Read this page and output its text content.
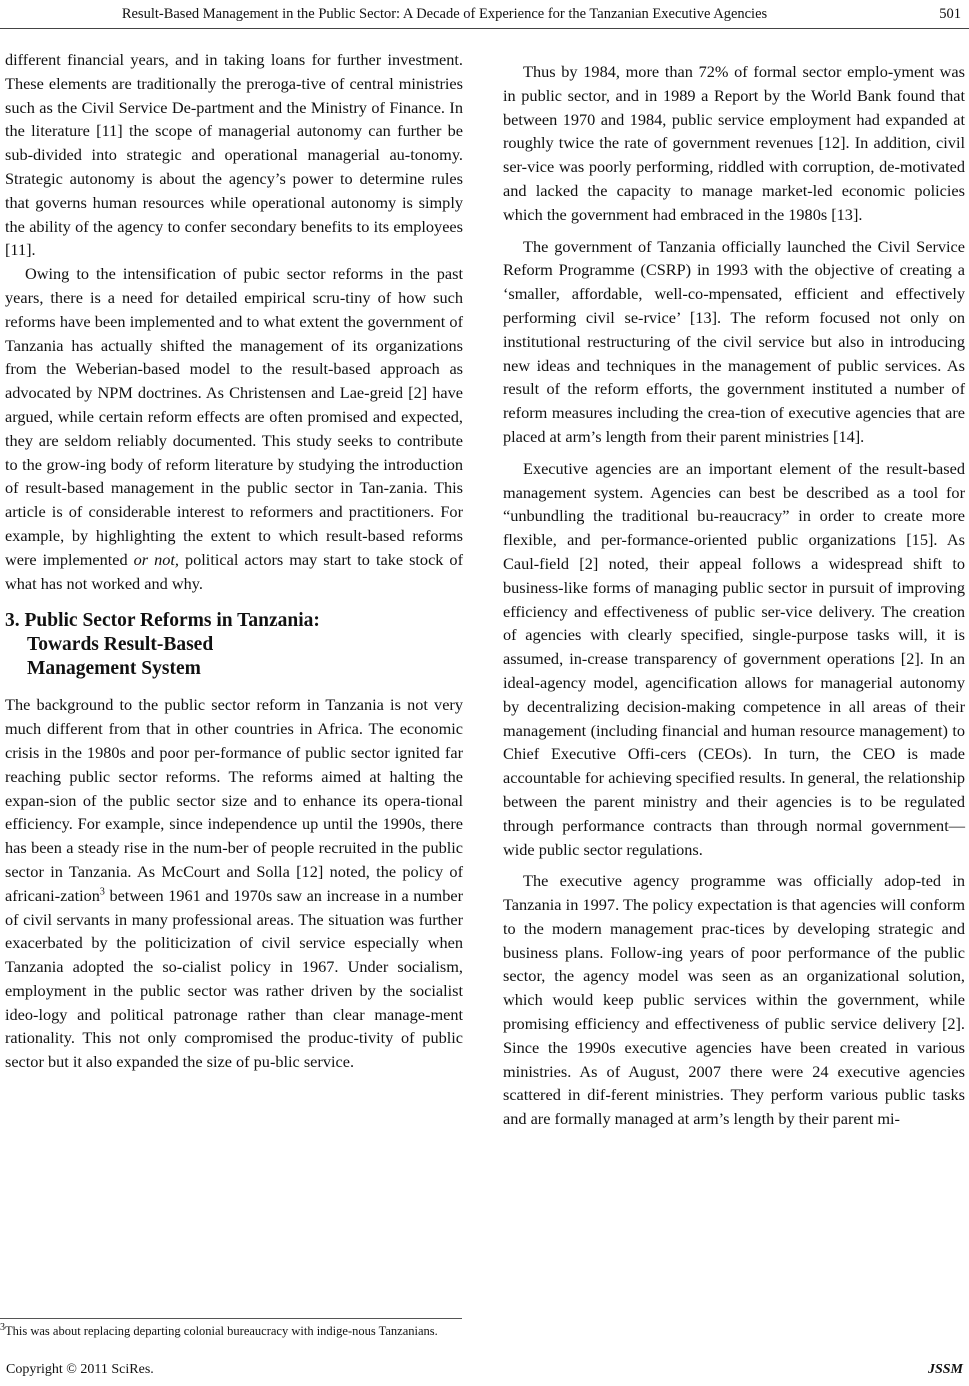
Result-Based Management in the Public Sector: A Decade of Experience for the Tanzanian Executive Agencies	501

different financial years, and in taking loans for further investment. These elements are traditionally the preroga-tive of central ministries such as the Civil Service De-partment and the Ministry of Finance. In the literature [11] the scope of managerial autonomy can further be sub-divided into strategic and operational managerial au-tonomy. Strategic autonomy is about the agency’s power to determine rules that governs human resources while operational autonomy is simply the ability of the agency to confer secondary benefits to its employees [11].

Owing to the intensification of pubic sector reforms in the past years, there is a need for detailed empirical scru-tiny of how such reforms have been implemented and to what extent the government of Tanzania has actually shifted the management of its organizations from the Weberian-based model to the result-based approach as advocated by NPM doctrines. As Christensen and Lae-greid [2] have argued, while certain reform effects are often promised and expected, they are seldom reliably documented. This study seeks to contribute to the grow-ing body of reform literature by studying the introduction of result-based management in the public sector in Tan-zania. This article is of considerable interest to reformers and practitioners. For example, by highlighting the extent to which result-based reforms were implemented or not, political actors may start to take stock of what has not worked and why.

3. Public Sector Reforms in Tanzania:
Towards Result-Based
Management System

The background to the public sector reform in Tanzania is not very much different from that in other countries in Africa. The economic crisis in the 1980s and poor per-formance of public sector ignited far reaching public sector reforms. The reforms aimed at halting the expan-sion of the public sector size and to enhance its opera-tional efficiency. For example, since independence up until the 1990s, there has been a steady rise in the num-ber of people recruited in the public sector in Tanzania. As McCourt and Solla [12] noted, the policy of africani-zation$^3$ between 1961 and 1970s saw an increase in a number of civil servants in many professional areas. The situation was further exacerbated by the politicization of civil service especially when Tanzania adopted the so-cialist policy in 1967. Under socialism, employment in the public sector was rather driven by the socialist ideo-logy and political patronage rather than clear manage-ment rationality. This not only compromised the produc-tivity of public sector but it also expanded the size of pu-blic service.

$^3$This was about replacing departing colonial bureaucracy with indige-nous Tanzanians.

Thus by 1984, more than 72% of formal sector emplo-yment was in public sector, and in 1989 a Report by the World Bank found that between 1970 and 1984, public service employment had expanded at roughly twice the rate of government revenues [12]. In addition, civil ser-vice was poorly performing, riddled with corruption, de-motivated and lacked the capacity to manage market-led economic policies which the government had embraced in the 1980s [13].

The government of Tanzania officially launched the Civil Service Reform Programme (CSRP) in 1993 with the objective of creating a ‘smaller, affordable, well-co-mpensated, efficient and effectively performing civil se-rvice’ [13]. The reform focused not only on institutional restructuring of the civil service but also in introducing new ideas and techniques in the management of public services. As result of the reform efforts, the government instituted a number of reform measures including the crea-tion of executive agencies that are placed at arm’s length from their parent ministries [14].

Executive agencies are an important element of the result-based management system. Agencies can best be described as a tool for “unbundling the traditional bu-reaucracy” in order to create more flexible, and per-formance-oriented public organizations [15]. As Caul-field [2] noted, their appeal follows a widespread shift to business-like forms of managing public sector in pursuit of improving efficiency and effectiveness of public ser-vice delivery. The creation of agencies with clearly specified, single-purpose tasks will, it is assumed, in-crease transparency of government operations [2]. In an ideal-agency model, agencification allows for managerial autonomy by decentralizing decision-making competence in all areas of their management (including financial and human resource management) to Chief Executive Offi-cers (CEOs). In turn, the CEO is made accountable for achieving specified results. In general, the relationship between the parent ministry and their agencies is to be regulated through performance contracts than through normal government—wide public sector regulations.

The executive agency programme was officially adop-ted in Tanzania in 1997. The policy expectation is that agencies will conform to the modern management prac-tices by developing strategic and business plans. Follow-ing years of poor performance of the public sector, the agency model was seen as an organizational solution, which would keep public services within the government, while promising efficiency and effectiveness of public service delivery [2]. Since the 1990s executive agencies have been created in various ministries. As of August, 2007 there were 24 executive agencies scattered in dif-ferent ministries. They perform various public tasks and are formally managed at arm’s length by their parent mi-

Copyright © 2011 SciRes.	JSSM
